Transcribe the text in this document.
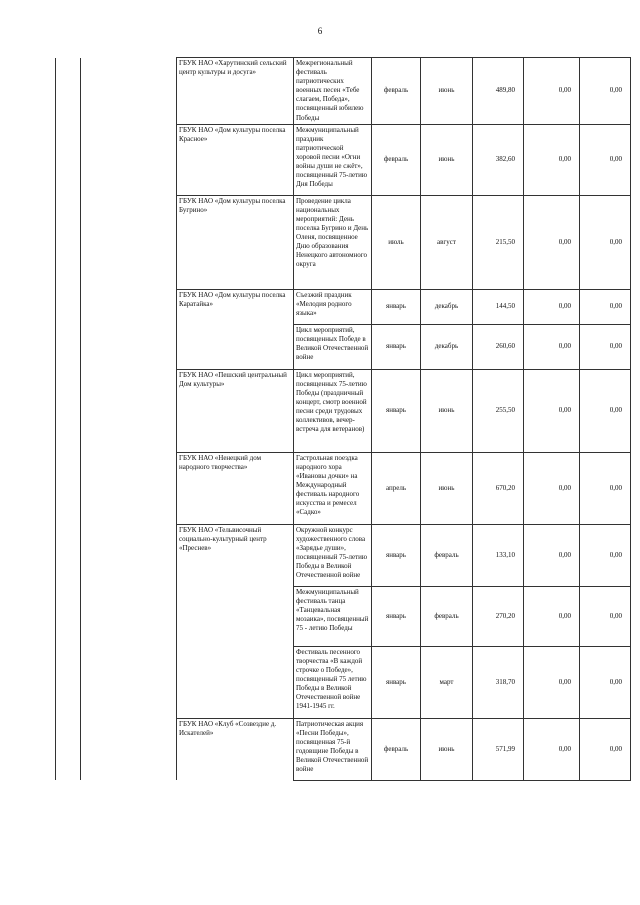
6
		ГБУК НАО «Харутинский сельский центр культуры и досуга»	Межрегиональный фестиваль патриотических военных песен «Тебе слагаем, Победа», посвященный юбилею Победы	февраль	июнь	489,80	0,00	0,00
		ГБУК НАО «Дом культуры поселка Красное»	Межмуниципальный праздник патриотической хоровой песни «Огни войны души не сжёт», посвященный 75-летию Дня Победы	февраль	июнь	382,60	0,00	0,00
		ГБУК НАО «Дом культуры поселка Бугрино»	Проведение цикла национальных мероприятий: День поселка Бугрино и День Оленя, посвященное Дню образования Ненецкого автономного округа	июль	август	215,50	0,00	0,00
		ГБУК НАО «Дом культуры поселка Каратайка»	Съезжий праздник «Мелодия родного языка»	январь	декабрь	144,50	0,00	0,00
			Цикл мероприятий, посвященных Победе в Великой Отечественной войне	январь	декабрь	260,60	0,00	0,00
		ГБУК НАО «Пешский центральный Дом культуры»	Цикл мероприятий, посвященных 75-летию Победы (праздничный концерт, смотр военной песни среди трудовых коллективов, вечер-встреча для ветеранов)	январь	июнь	255,50	0,00	0,00
		ГБУК НАО «Ненецкий дом народного творчества»	Гастрольная поездка народного хора «Ивановы дочки» на Международный фестиваль народного искусства и ремесел «Садко»	апрель	июнь	670,20	0,00	0,00
		ГБУК НАО «Тельвисочный социально-культурный центр «Преснев»	Окружной конкурс художественного слова «Зарядье души», посвященный 75-летию Победы в Великой Отечественной войне	январь	февраль	133,10	0,00	0,00
			Межмуниципальный фестиваль танца «Танцевальная мозаика», посвященный 75 - летию Победы	январь	февраль	270,20	0,00	0,00
			Фестиваль песенного творчества «В каждой строчке о Победе», посвященный 75 летию Победы в Великой Отечественной войне 1941-1945 гг.	январь	март	318,70	0,00	0,00
		ГБУК НАО «Клуб «Созвездие д. Искателей»	Патриотическая акция «Песни Победы», посвященная 75-й годовщине Победы в Великой Отечественной войне	февраль	июнь	571,99	0,00	0,00
